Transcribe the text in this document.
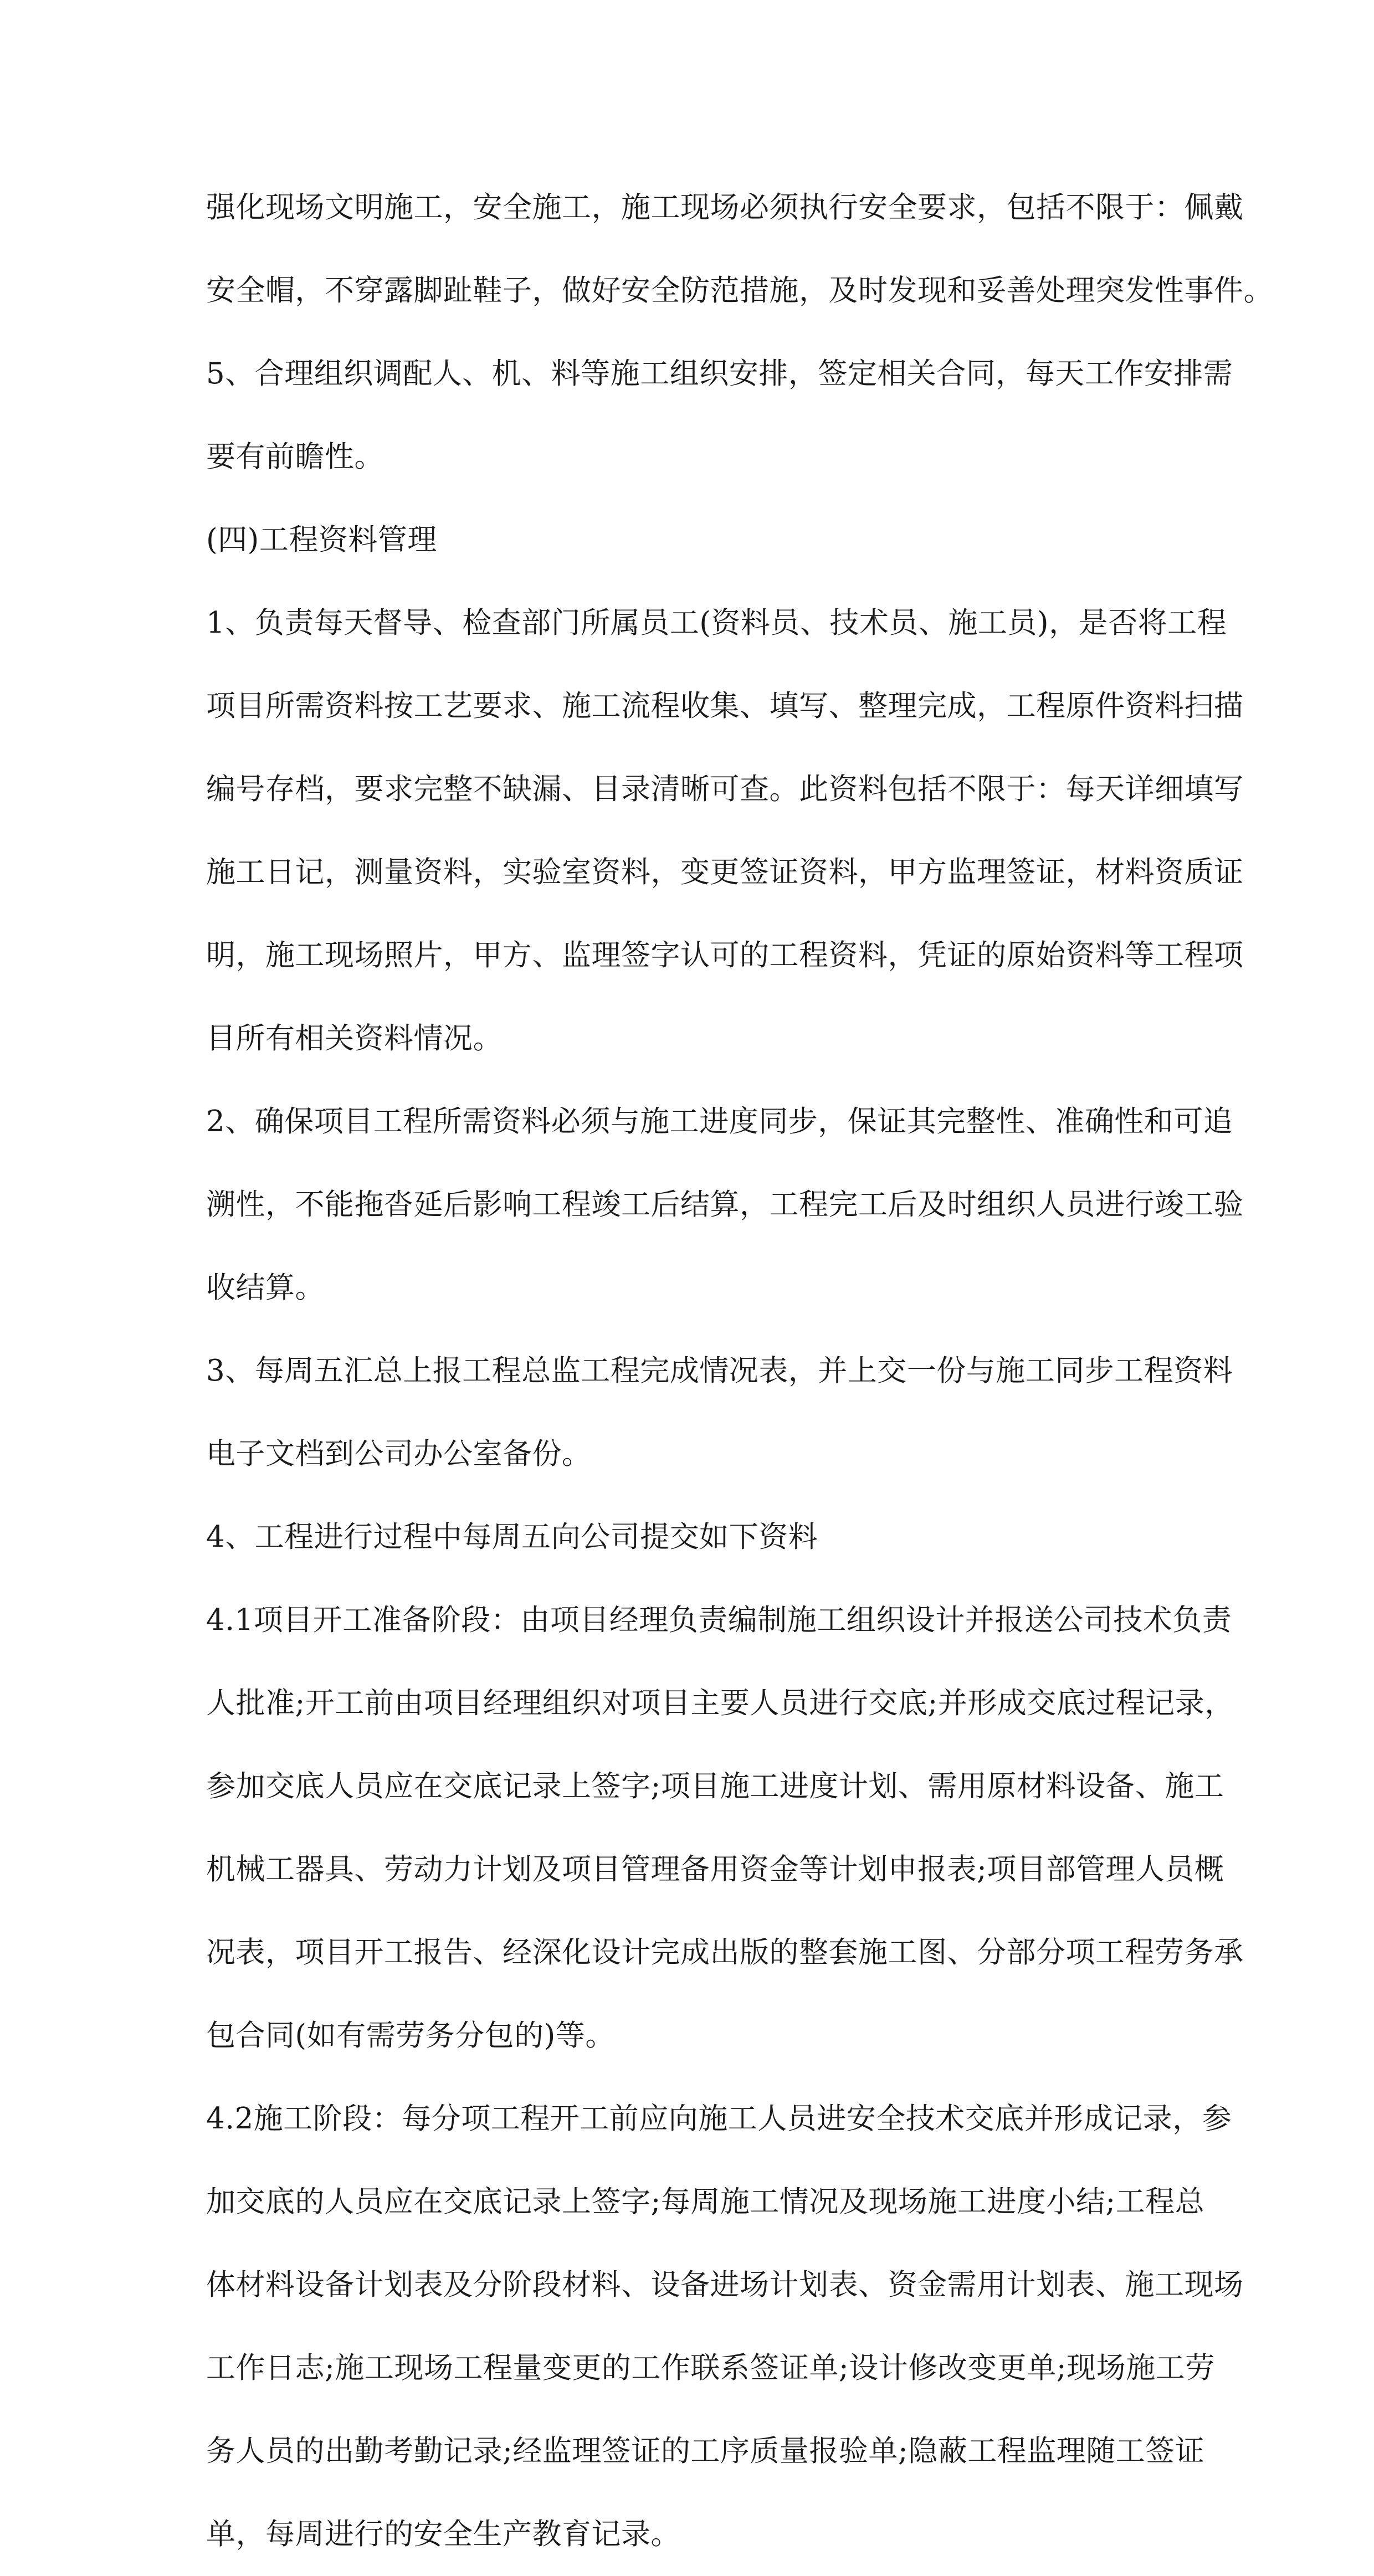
强化现场文明施工，安全施工，施工现场必须执行安全要求，包括不限于：佩戴
安全帽，不穿露脚趾鞋子，做好安全防范措施，及时发现和妥善处理突发性事件。
5、合理组织调配人、机、料等施工组织安排，签定相关合同，每天工作安排需
要有前瞻性。
(四)工程资料管理
1、负责每天督导、检查部门所属员工(资料员、技术员、施工员)，是否将工程
项目所需资料按工艺要求、施工流程收集、填写、整理完成，工程原件资料扫描
编号存档，要求完整不缺漏、目录清晰可查。此资料包括不限于：每天详细填写
施工日记，测量资料，实验室资料，变更签证资料，甲方监理签证，材料资质证
明，施工现场照片，甲方、监理签字认可的工程资料，凭证的原始资料等工程项
目所有相关资料情况。
2、确保项目工程所需资料必须与施工进度同步，保证其完整性、准确性和可追
溯性，不能拖沓延后影响工程竣工后结算，工程完工后及时组织人员进行竣工验
收结算。
3、每周五汇总上报工程总监工程完成情况表，并上交一份与施工同步工程资料
电子文档到公司办公室备份。
4、工程进行过程中每周五向公司提交如下资料
4.1项目开工准备阶段：由项目经理负责编制施工组织设计并报送公司技术负责
人批准;开工前由项目经理组织对项目主要人员进行交底;并形成交底过程记录，
参加交底人员应在交底记录上签字;项目施工进度计划、需用原材料设备、施工
机械工器具、劳动力计划及项目管理备用资金等计划申报表;项目部管理人员概
况表，项目开工报告、经深化设计完成出版的整套施工图、分部分项工程劳务承
包合同(如有需劳务分包的)等。
4.2施工阶段：每分项工程开工前应向施工人员进安全技术交底并形成记录，参
加交底的人员应在交底记录上签字;每周施工情况及现场施工进度小结;工程总
体材料设备计划表及分阶段材料、设备进场计划表、资金需用计划表、施工现场
工作日志;施工现场工程量变更的工作联系签证单;设计修改变更单;现场施工劳
务人员的出勤考勤记录;经监理签证的工序质量报验单;隐蔽工程监理随工签证
单，每周进行的安全生产教育记录。
